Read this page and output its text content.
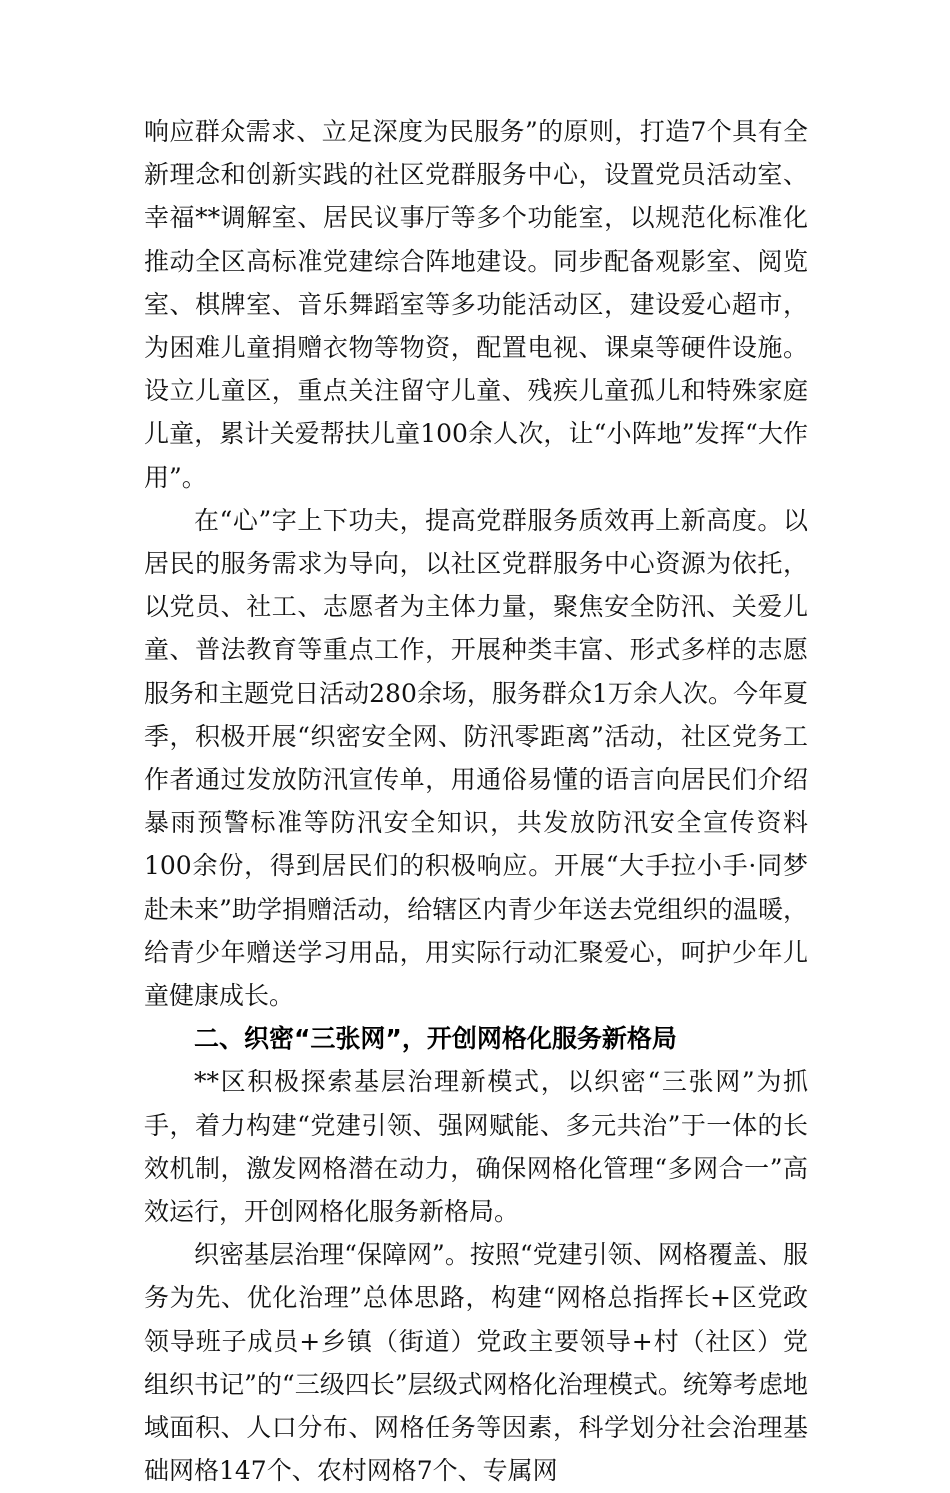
响应群众需求、立足深度为民服务”的原则，打造7个具有全新理念和创新实践的社区党群服务中心，设置党员活动室、幸福**调解室、居民议事厅等多个功能室，以规范化标准化推动全区高标准党建综合阵地建设。同步配备观影室、阅览室、棋牌室、音乐舞蹈室等多功能活动区，建设爱心超市，为困难儿童捐赠衣物等物资，配置电视、课桌等硬件设施。设立儿童区，重点关注留守儿童、残疾儿童孤儿和特殊家庭儿童，累计关爱帮扶儿童100余人次，让“小阵地”发挥“大作用”。

在“心”字上下功夫，提高党群服务质效再上新高度。以居民的服务需求为导向，以社区党群服务中心资源为依托，以党员、社工、志愿者为主体力量，聚焦安全防汛、关爱儿童、普法教育等重点工作，开展种类丰富、形式多样的志愿服务和主题党日活动280余场，服务群众1万余人次。今年夏季，积极开展“织密安全网、防汛零距离”活动，社区党务工作者通过发放防汛宣传单，用通俗易懂的语言向居民们介绍暴雨预警标准等防汛安全知识，共发放防汛安全宣传资料100余份，得到居民们的积极响应。开展“大手拉小手·同梦赴未来”助学捐赠活动，给辖区内青少年送去党组织的温暖，给青少年赠送学习用品，用实际行动汇聚爱心，呵护少年儿童健康成长。

二、织密“三张网”，开创网格化服务新格局

**区积极探索基层治理新模式，以织密“三张网”为抓手，着力构建“党建引领、强网赋能、多元共治”于一体的长效机制，激发网格潜在动力，确保网格化管理“多网合一”高效运行，开创网格化服务新格局。

织密基层治理“保障网”。按照“党建引领、网格覆盖、服务为先、优化治理”总体思路，构建“网格总指挥长+区党政领导班子成员+乡镇（街道）党政主要领导+村（社区）党组织书记”的“三级四长”层级式网格化治理模式。统筹考虑地域面积、人口分布、网格任务等因素，科学划分社会治理基础网格147个、农村网格7个、专属网
